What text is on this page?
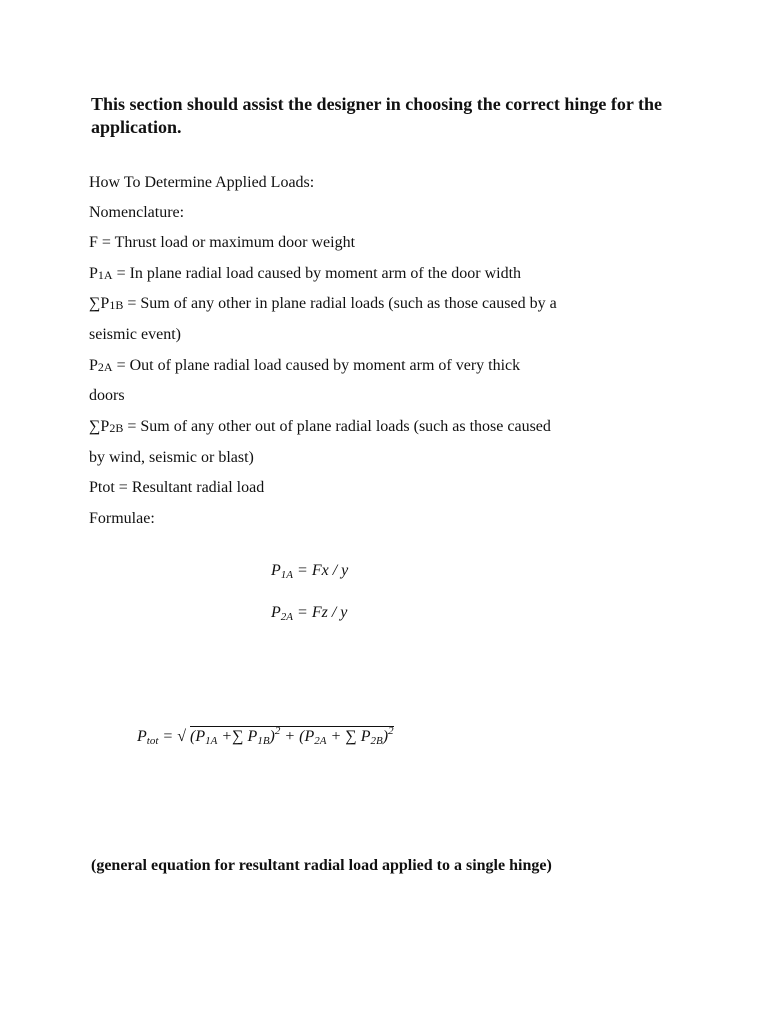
This section should assist the designer in choosing the correct hinge for the application.
How To Determine Applied Loads:
Nomenclature:
F = Thrust load or maximum door weight
P1A = In plane radial load caused by moment arm of the door width
∑P1B = Sum of any other in plane radial loads (such as those caused by a
seismic event)
P2A = Out of plane radial load caused by moment arm of very thick
doors
∑P2B = Sum of any other out of plane radial loads (such as those caused
by wind, seismic or blast)
Ptot = Resultant radial load
Formulae:
P1A = Fx / y
P2A = Fz / y
Ptot = √ (P1A +∑ P1B)$^2$ + (P2A + ∑ P2B)$^2$
(general equation for resultant radial load applied to a single hinge)
